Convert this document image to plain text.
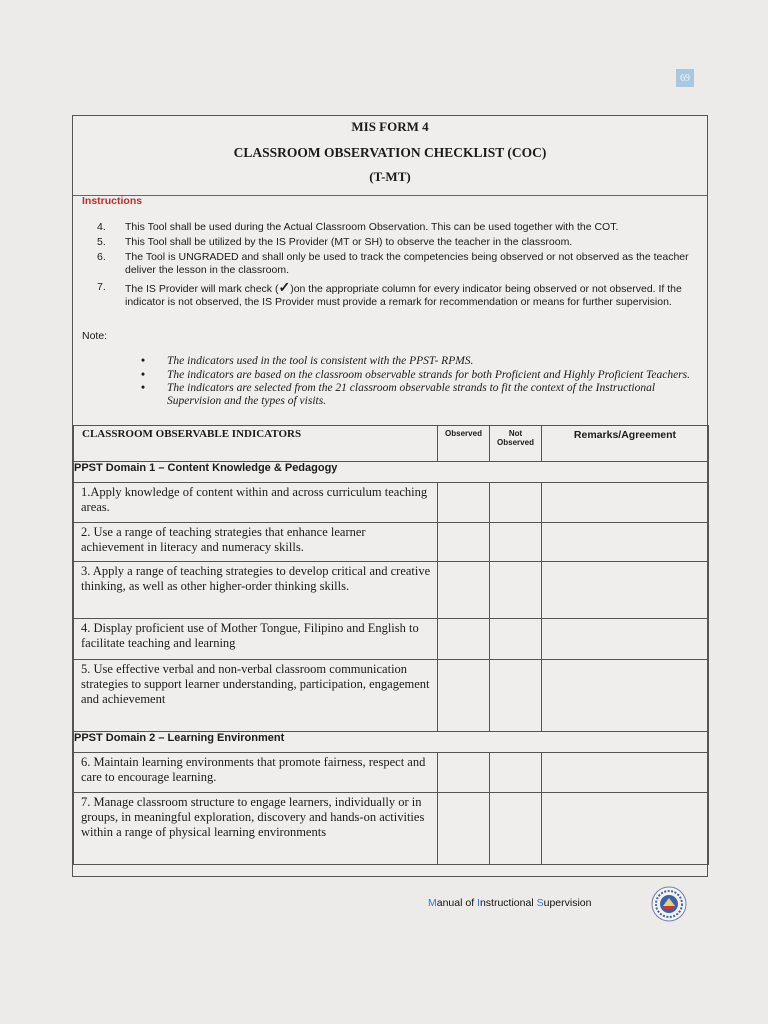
69
MIS FORM 4
CLASSROOM OBSERVATION CHECKLIST (COC)
(T-MT)
Instructions
4.	This Tool shall be used during the Actual Classroom Observation. This can be used together with the COT.
5.	This Tool shall be utilized by the IS Provider (MT or SH) to observe the teacher in the classroom.
6.	The Tool is UNGRADED and shall only be used to track the competencies being observed or not observed as the teacher deliver the lesson in the classroom.
7.	The IS Provider will mark check (✓)on the appropriate column for every indicator being observed or not observed. If the indicator is not observed, the IS Provider must provide a remark for recommendation or means for further supervision.
Note:
•	The indicators used in the tool is consistent with the PPST- RPMS.
•	The indicators are based on the classroom observable strands for both Proficient and Highly Proficient Teachers.
•	The indicators are selected from the 21 classroom observable strands to fit the context of the Instructional Supervision and the types of visits.
CLASSROOM OBSERVABLE INDICATORS	Observed	Not Observed	Remarks/Agreement
PPST Domain 1 – Content Knowledge & Pedagogy			
1.Apply knowledge of content within and across curriculum teaching areas.			
2. Use a range of teaching strategies that enhance learner achievement in literacy and numeracy skills.			
3. Apply a range of teaching strategies to develop critical and creative thinking, as well as other higher-order thinking skills.			
4. Display proficient use of Mother Tongue, Filipino and English to facilitate teaching and learning			
5. Use effective verbal and non-verbal classroom communication strategies to support learner understanding, participation, engagement and achievement			
PPST Domain 2 – Learning Environment			
6. Maintain learning environments that promote fairness, respect and care to encourage learning.			
7. Manage classroom structure to engage learners, individually or in groups, in meaningful exploration, discovery and hands-on activities within a range of physical learning environments			
Manual of Instructional Supervision
